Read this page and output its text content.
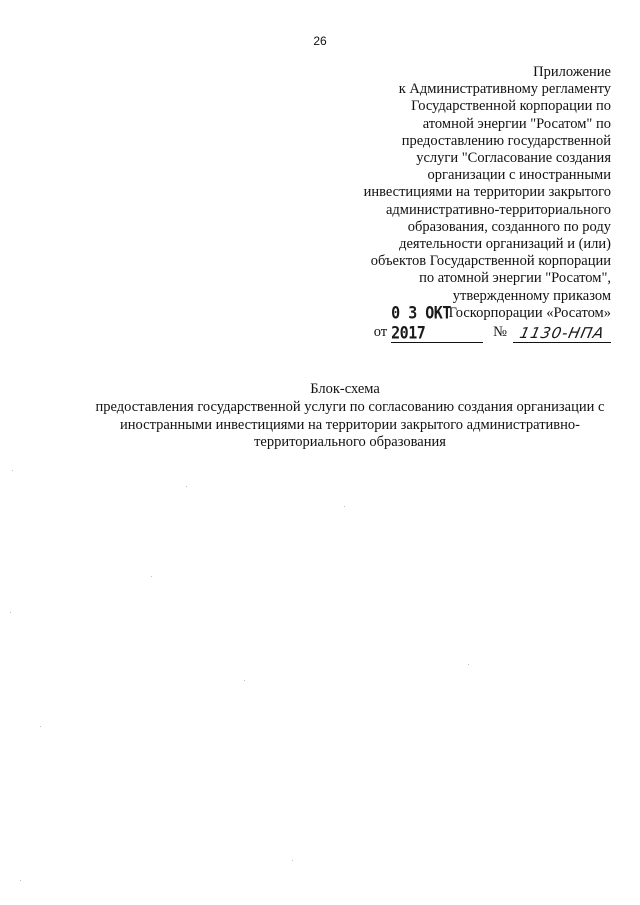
26
Приложение
к Административному регламенту
Государственной корпорации по
атомной энергии "Росатом" по
предоставлению государственной
услуги "Согласование создания
организации с иностранными
инвестициями на территории закрытого
административно-территориального
образования, созданного по роду
деятельности организаций и (или)
объектов Государственной корпорации
по атомной энергии "Росатом",
утвержденному приказом
Госкорпорации «Росатом»
от
0 3 ОКТ 2017	№ 1130-НПА
Блок-схема
предоставления государственной услуги по согласованию создания организации с
иностранными инвестициями на территории закрытого административно-
территориального образования
